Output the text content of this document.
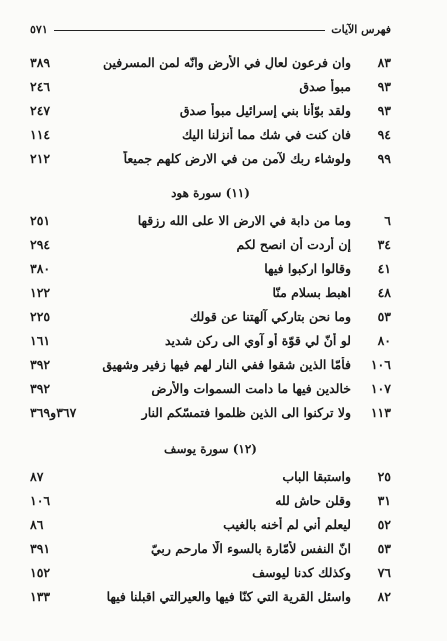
فهرس الآيات
٥٧١
٨٣
وان فرعون لعالٍ في الأرض وانّه لمن المسرفين
٣٨٩
٩٣
مبوأ صدق
٢٤٦
٩٣
ولقد بوّأنا بني إسرائيل مبوأ صدق
٢٤٧
٩٤
فان كنت في شك مما أنزلنا اليك
١١٤
٩٩
ولوشاء ربك لآمن من في الارض كلهم جميعاً
٢١٢
(١١) سورة هود
٦
وما من دابة في الارض الا على الله رزقها
٢٥١
٣٤
إن أردت أن انصح لكم
٢٩٤
٤١
وقالوا اركبوا فيها
٣٨٠
٤٨
اهبط بسلام منّا
١٢٢
٥٣
وما نحن بتاركي آلهتنا عن قولك
٢٢٥
٨٠
لو أنّ لي قوّة أو آوي الى ركن شديد
١٦١
١٠٦
فأمّا الذين شقوا ففي النار لهم فيها زفير وشهيق
٣٩٢
١٠٧
خالدين فيها ما دامت السموات والأرض
٣٩٢
١١٣
ولا تركنوا الى الذين ظلموا فتمسّكم النار
٣٦٧و٣٦٩
(١٢) سورة يوسف
٢٥
واستبقا الباب
٨٧
٣١
وقلن حاش لله
١٠٦
٥٢
ليعلم أني لم أخنه بالغيب
٨٦
٥٣
انّ النفس لأمّارة بالسوء الّا مارحم ربيّ
٣٩١
٧٦
وكذلك كدنا ليوسف
١٥٢
٨٢
واسئل القرية التي كنّا فيها والعيرالتي اقبلنا فيها
١٣٣
